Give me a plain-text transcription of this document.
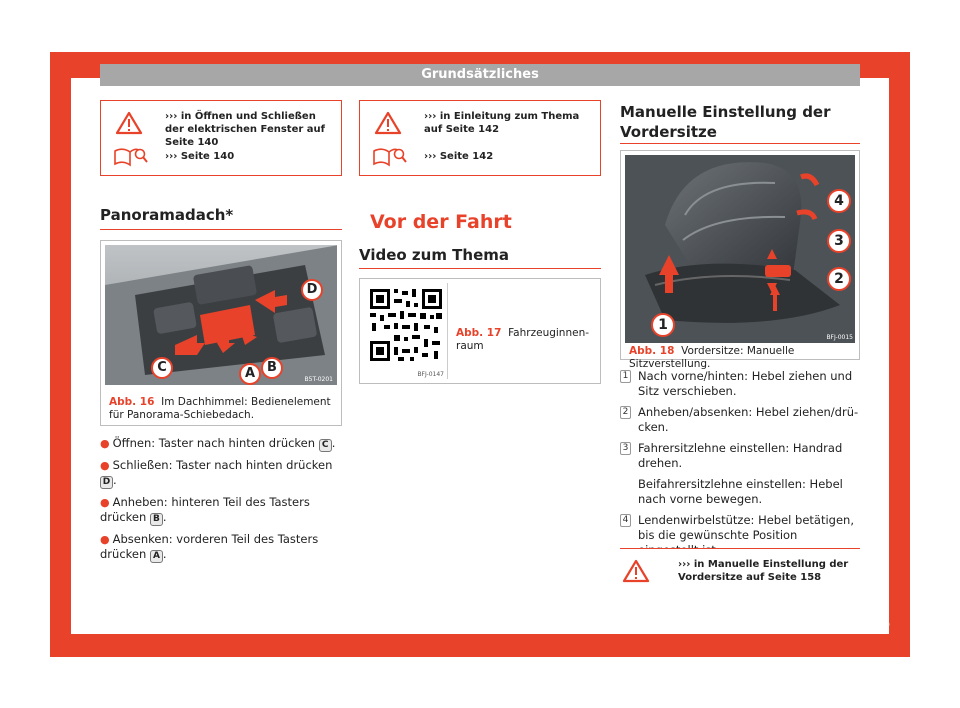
Grundsätzliches
››› in Öffnen und Schließen der elektrischen Fenster auf Seite 140
››› Seite 140
››› in Einleitung zum Thema auf Seite 142
››› Seite 142
Panoramadach*
B5T-0201
C	A B
D
Abb. 16 Im Dachhimmel: Bedienelement für Panorama-Schiebedach.
● Öffnen: Taster nach hinten drücken C .
● Schließen: Taster nach hinten drücken D .
● Anheben: hinteren Teil des Tasters drücken B .
● Absenken: vorderen Teil des Tasters drücken A .
Vor der Fahrt
Video zum Thema
BFJ-0147
Abb. 17 Fahrzeuginnenraum
Manuelle Einstellung der Vordersitze
BFJ-0015
1
2
3
4
Abb. 18 Vordersitze: Manuelle Sitzverstellung.
1 Nach vorne/hinten: Hebel ziehen und Sitz verschieben.
2 Anheben/absenken: Hebel ziehen/drücken.
3 Fahrersitzlehne einstellen: Handrad drehen.
Beifahrersitzlehne einstellen: Hebel nach vorne bewegen.
4 Lendenwirbelstütze: Hebel betätigen, bis die gewünschte Position
››› in Manuelle Einstellung der Vordersitze auf Seite 158
19
